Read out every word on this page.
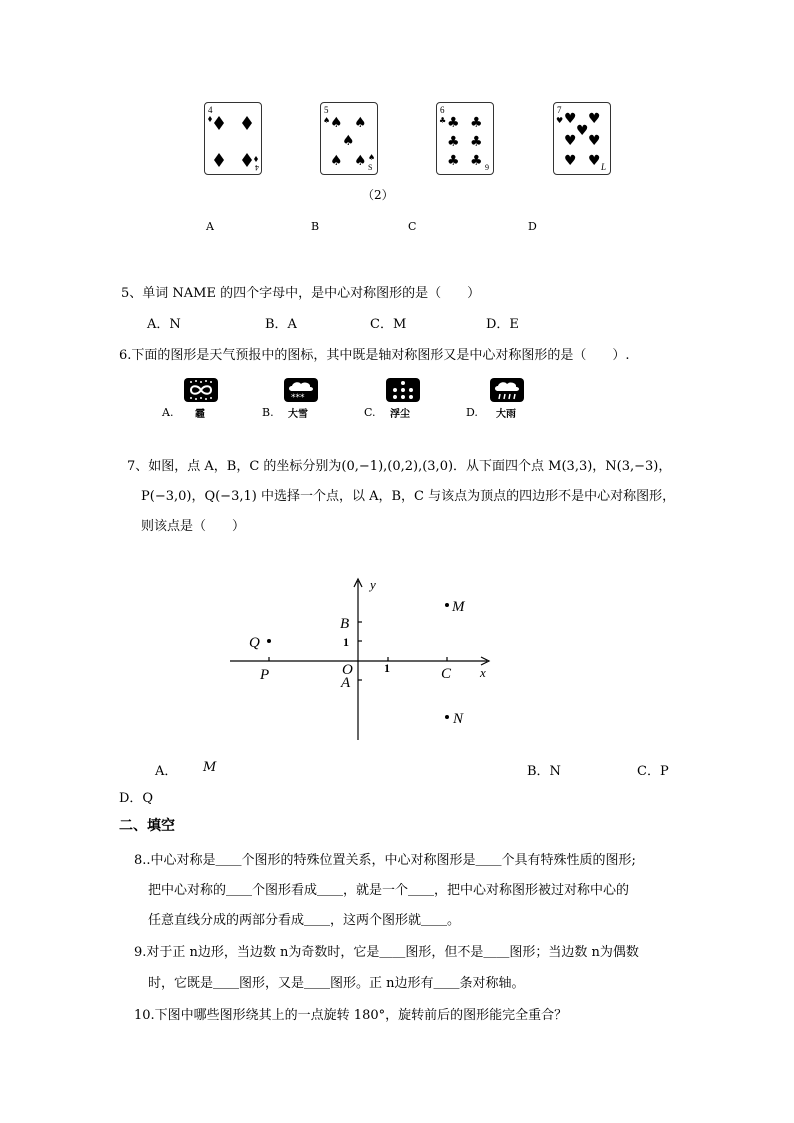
4
4
5
♠ ♠ ♠
♠
♠ ♠ ♠
S
6
♣ ♣ ♣
♣ ♣
♣ ♣ 9
7
♥ ♥ ♥
♥
♥ ♥
♥ ♥ L
（2）
A	B	C	D
5、单词 NAME 的四个字母中，是中心对称图形的是（　　）
A．N	B．A	C．M	D．E
6.下面的图形是天气预报中的图标，其中既是轴对称图形又是中心对称图形的是（　　）.
A. 霾
***
B. 大雪	C. 浮尘	D. 大雨
7、如图，点 A，B，C 的坐标分别为(0,−1),(0,2),(3,0)．从下面四个点 M(3,3)，N(3,−3)，
P(−3,0)，Q(−3,1) 中选择一个点，以 A，B，C 与该点为顶点的四边形不是中心对称图形，
则该点是（　　）
y
x
O
B
A
C
M
N
P
Q	1
1
A． M	B．N	C．P
D．Q
二、填空
8..中心对称是＿＿个图形的特殊位置关系，中心对称图形是＿＿个具有特殊性质的图形;
把中心对称的＿＿个图形看成＿＿，就是一个＿＿，把中心对称图形被过对称中心的
任意直线分成的两部分看成＿＿，这两个图形就＿＿。
9.对于正 n边形，当边数 n为奇数时，它是＿＿图形，但不是＿＿图形；当边数 n为偶数
时，它既是＿＿图形，又是＿＿图形。正 n边形有＿＿条对称轴。
10.下图中哪些图形绕其上的一点旋转 180°，旋转前后的图形能完全重合？
